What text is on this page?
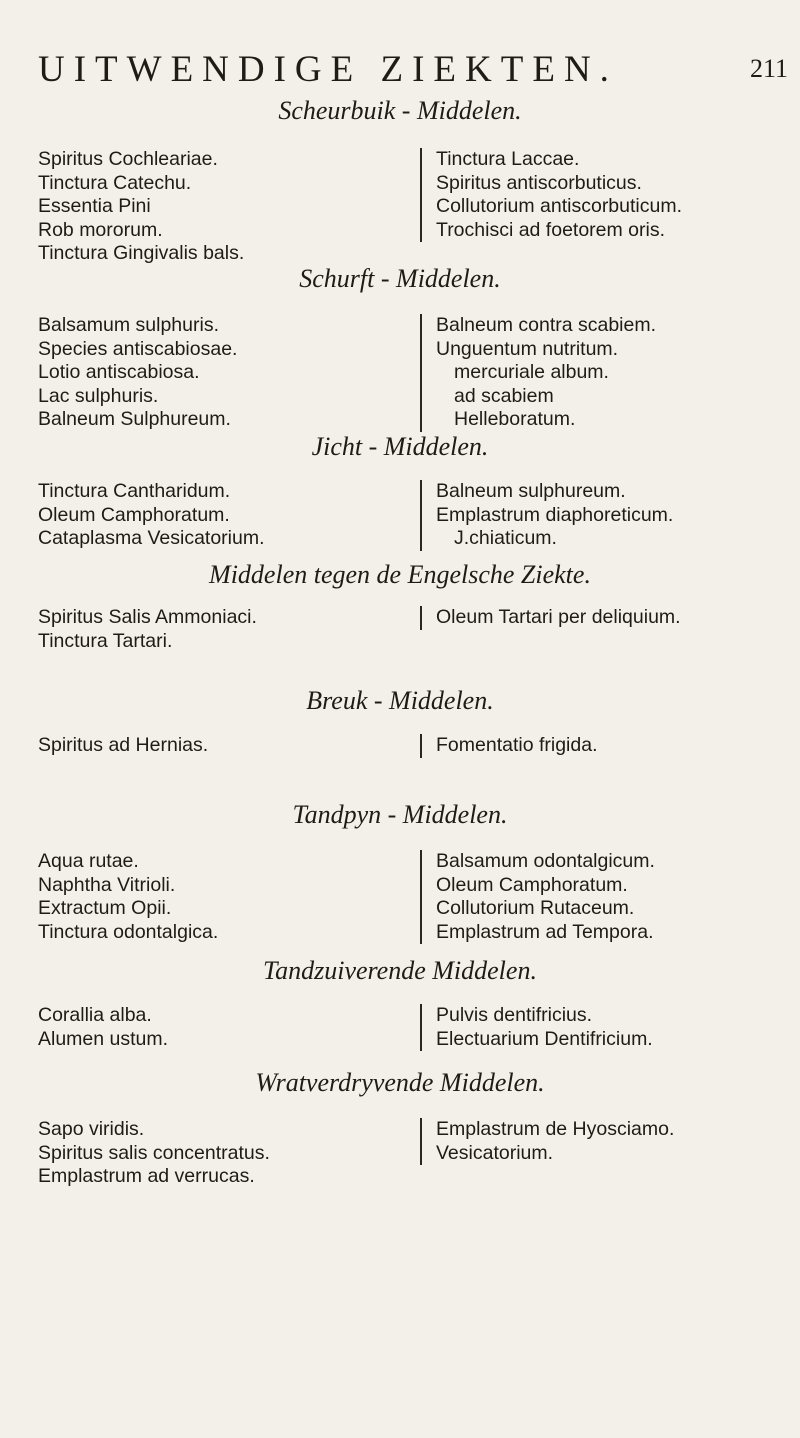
UITWENDIGE ZIEKTEN.	211
Scheurbuik - Middelen.
Spiritus Cochleariae.
Tinctura Catechu.
Essentia Pini
Rob mororum.
Tinctura Gingivalis bals.
Tinctura Laccae.
Spiritus antiscorbuticus.
Collutorium antiscorbuticum.
Trochisci ad foetorem oris.
Schurft - Middelen.
Balsamum sulphuris.
Species antiscabiosae.
Lotio antiscabiosa.
Lac sulphuris.
Balneum Sulphureum.
Balneum contra scabiem.
Unguentum nutritum.
mercuriale album.
ad scabiem
Helleboratum.
Jicht - Middelen.
Tinctura Cantharidum.
Oleum Camphoratum.
Cataplasma Vesicatorium.
Balneum sulphureum.
Emplastrum diaphoreticum.
J.chiaticum.
Middelen tegen de Engelsche Ziekte.
Spiritus Salis Ammoniaci.
Tinctura Tartari.
Oleum Tartari per deliquium.
Breuk - Middelen.
Spiritus ad Hernias.	Fomentatio frigida.
Tandpyn - Middelen.
Aqua rutae.
Naphtha Vitrioli.
Extractum Opii.
Tinctura odontalgica.
Balsamum odontalgicum.
Oleum Camphoratum.
Collutorium Rutaceum.
Emplastrum ad Tempora.
Tandzuiverende Middelen.
Corallia alba.
Alumen ustum.
Pulvis dentifricius.
Electuarium Dentifricium.
Wratverdryvende Middelen.
Sapo viridis.
Spiritus salis concentratus.
Emplastrum ad verrucas.
Emplastrum de Hyosciamo.
Vesicatorium.
